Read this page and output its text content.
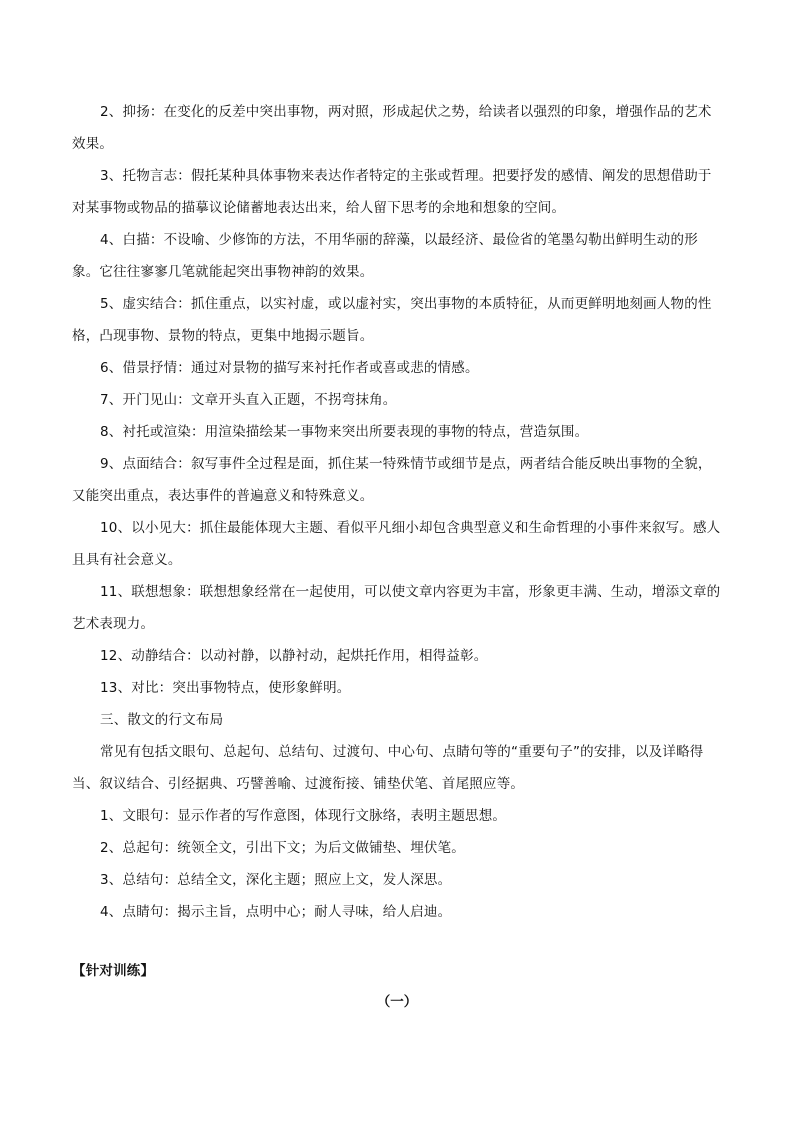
2、抑扬：在变化的反差中突出事物，两对照，形成起伏之势，给读者以强烈的印象，增强作品的艺术效果。
3、托物言志：假托某种具体事物来表达作者特定的主张或哲理。把要抒发的感情、阐发的思想借助于对某事物或物品的描摹议论储蓄地表达出来，给人留下思考的余地和想象的空间。
4、白描：不设喻、少修饰的方法，不用华丽的辞藻，以最经济、最俭省的笔墨勾勒出鲜明生动的形象。它往往寥寥几笔就能起突出事物神韵的效果。
5、虚实结合：抓住重点，以实衬虚，或以虚衬实，突出事物的本质特征，从而更鲜明地刻画人物的性格，凸现事物、景物的特点，更集中地揭示题旨。
6、借景抒情：通过对景物的描写来衬托作者或喜或悲的情感。
7、开门见山：文章开头直入正题，不拐弯抹角。
8、衬托或渲染：用渲染描绘某一事物来突出所要表现的事物的特点，营造氛围。
9、点面结合：叙写事件全过程是面，抓住某一特殊情节或细节是点，两者结合能反映出事物的全貌，又能突出重点，表达事件的普遍意义和特殊意义。
10、以小见大：抓住最能体现大主题、看似平凡细小却包含典型意义和生命哲理的小事件来叙写。感人且具有社会意义。
11、联想想象：联想想象经常在一起使用，可以使文章内容更为丰富，形象更丰满、生动，增添文章的艺术表现力。
12、动静结合：以动衬静，以静衬动，起烘托作用，相得益彰。
13、对比：突出事物特点，使形象鲜明。
三、散文的行文布局
常见有包括文眼句、总起句、总结句、过渡句、中心句、点睛句等的“重要句子”的安排，以及详略得当、叙议结合、引经据典、巧譬善喻、过渡衔接、铺垫伏笔、首尾照应等。
1、文眼句：显示作者的写作意图，体现行文脉络，表明主题思想。
2、总起句：统领全文，引出下文；为后文做铺垫、埋伏笔。
3、总结句：总结全文，深化主题；照应上文，发人深思。
4、点睛句：揭示主旨，点明中心；耐人寻味，给人启迪。
【针对训练】
（一）
